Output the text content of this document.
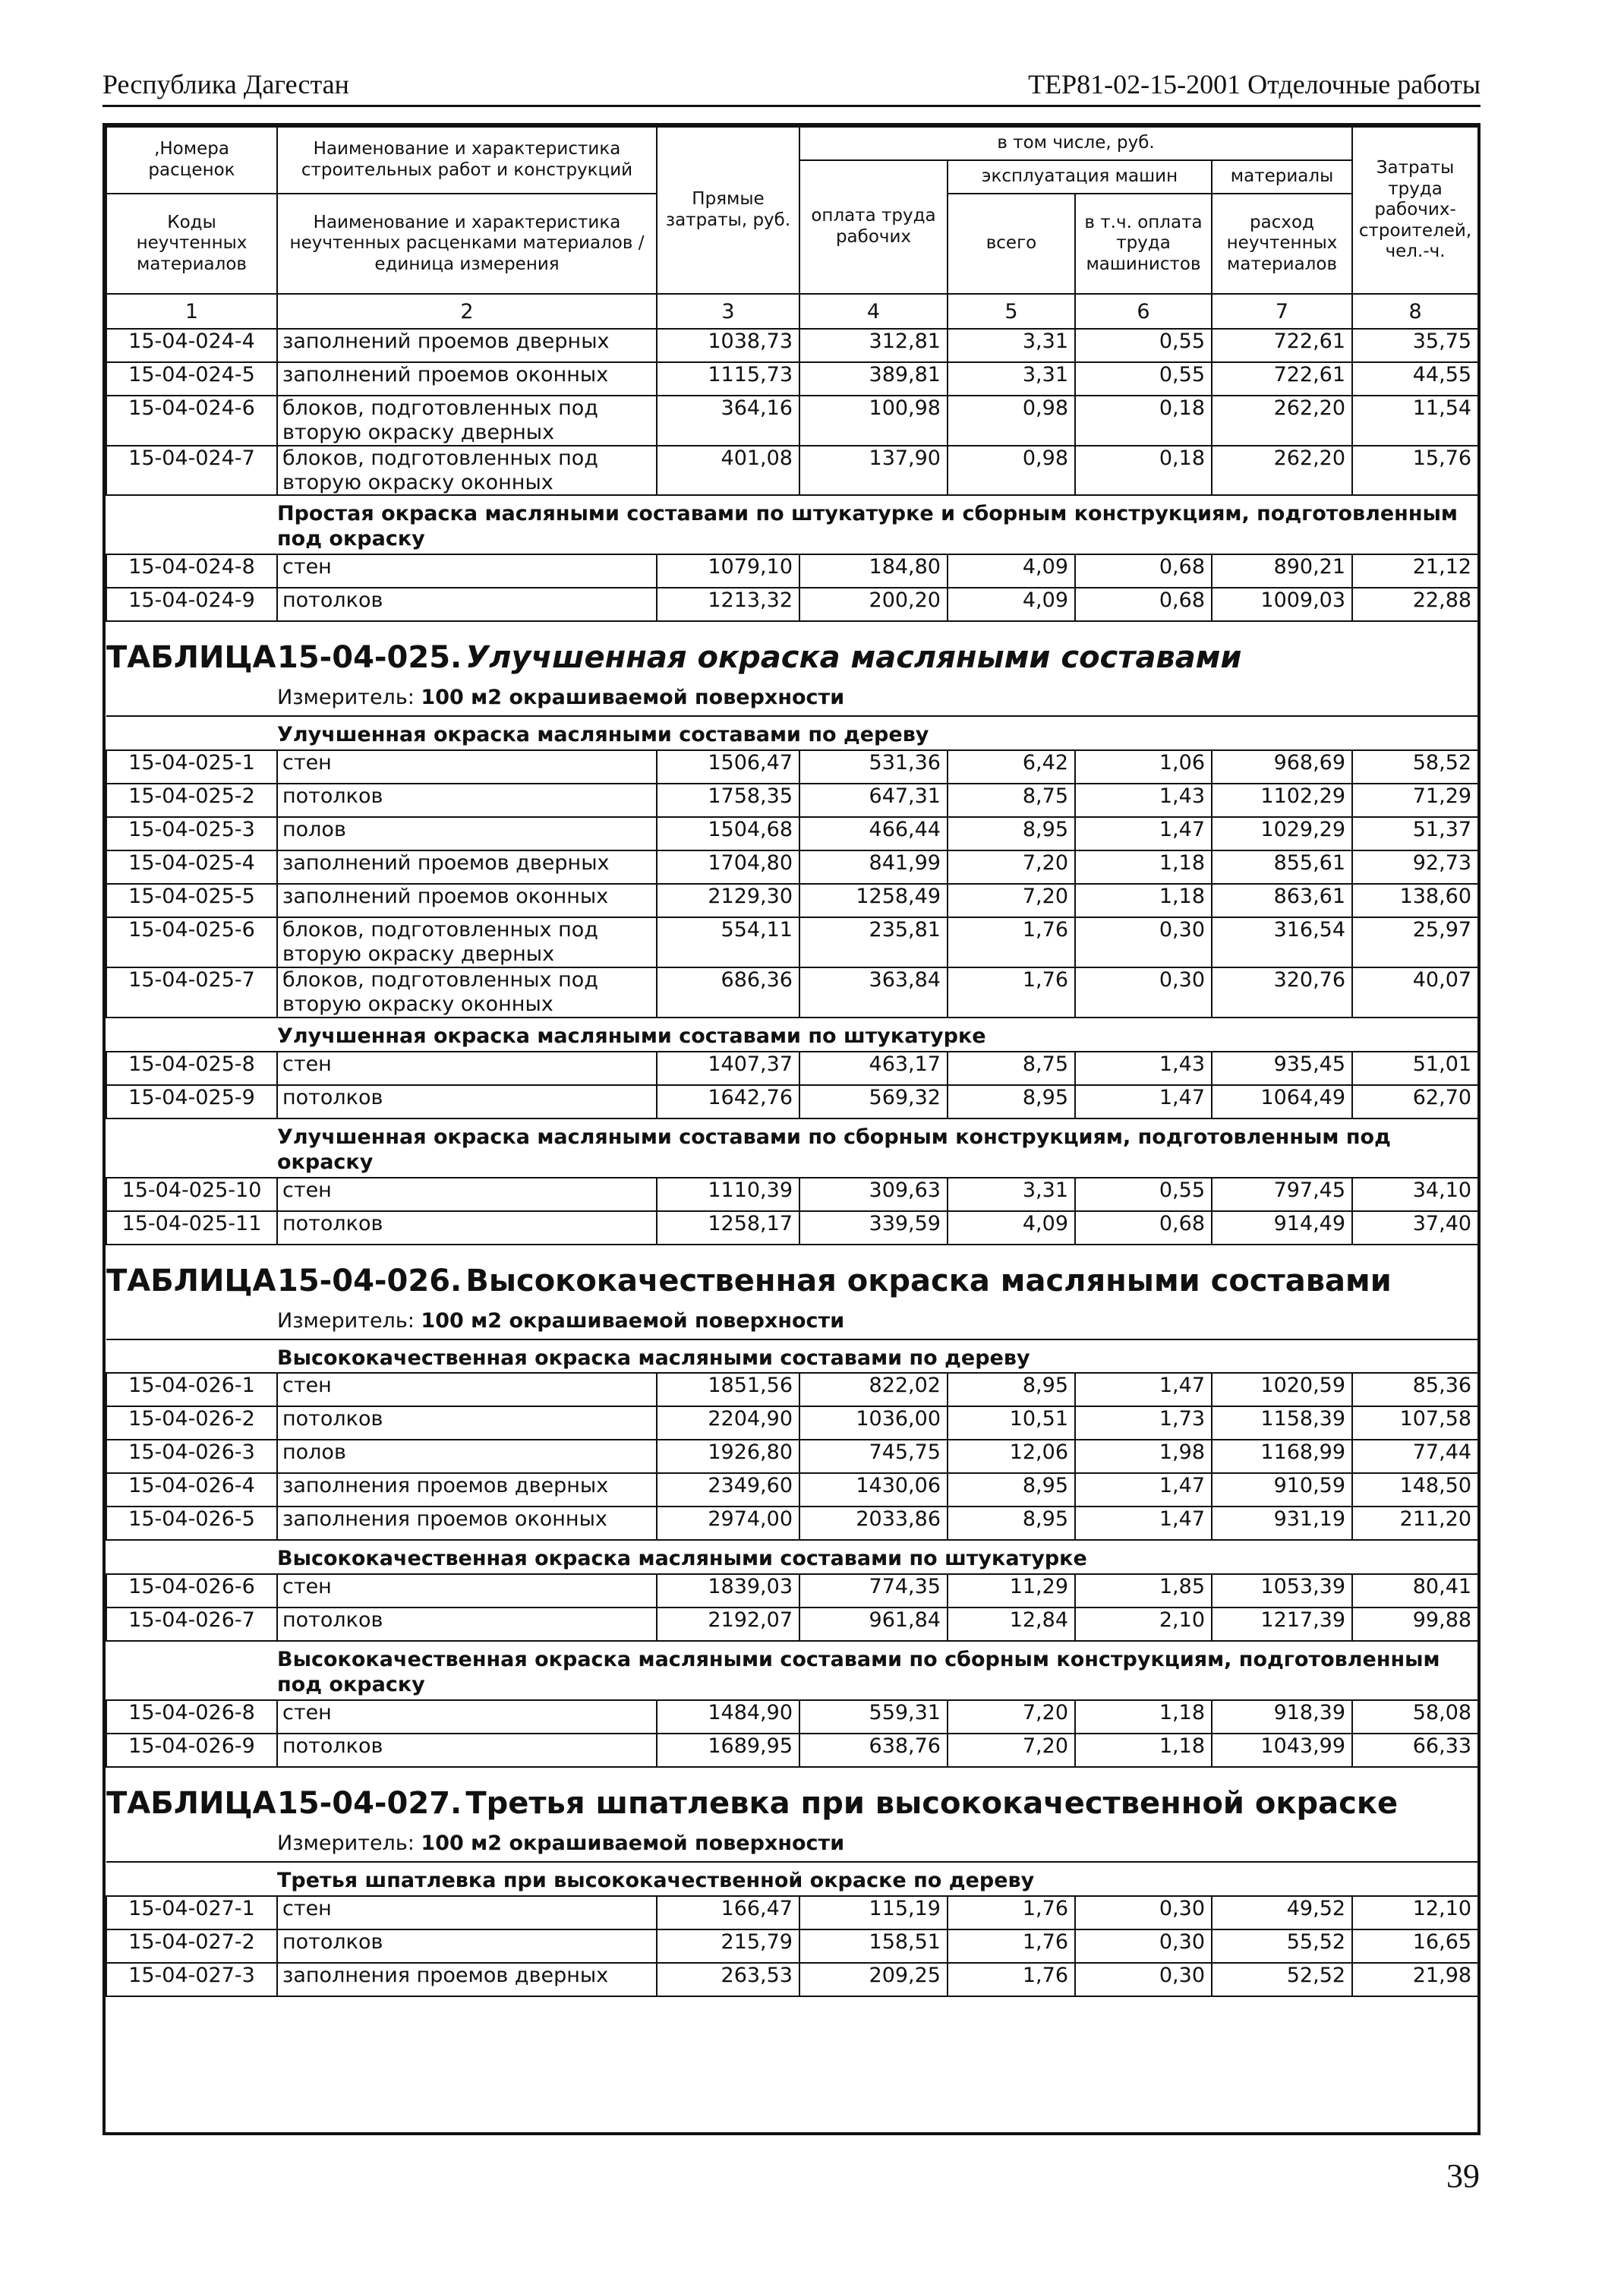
Республика Дагестан	ТЕР81-02-15-2001 Отделочные работы
,Номера расценок	Наименование и характеристика строительных работ и конструкций	Прямые затраты, руб.	в том числе, руб.				Затраты труда рабочих-строителей, чел.-ч.
			оплата труда рабочих	эксплуатация машин		материалы	
Коды неучтенных материалов	Наименование и характеристика неучтенных расценками материалов / единица измерения			всего	в т.ч. оплата труда машинистов	расход неучтенных материалов	

1	2	3	4	5	6	7	8
15-04-024-4	заполнений проемов дверных	1038,73	312,81	3,31	0,55	722,61	35,75
15-04-024-5	заполнений проемов оконных	1115,73	389,81	3,31	0,55	722,61	44,55
15-04-024-6	блоков, подготовленных под вторую окраску дверных	364,16	100,98	0,98	0,18	262,20	11,54
15-04-024-7	блоков, подготовленных под вторую окраску оконных	401,08	137,90	0,98	0,18	262,20	15,76
	Простая окраска масляными составами по штукатурке и сборным конструкциям, подготовленным под окраску						
15-04-024-8	стен	1079,10	184,80	4,09	0,68	890,21	21,12
15-04-024-9	потолков	1213,32	200,20	4,09	0,68	1009,03	22,88
ТАБЛИЦА15-04-025. Улучшенная окраска масляными составами							
	Измеритель: 100 м2 окрашиваемой поверхности						
	Улучшенная окраска масляными составами по дереву						
15-04-025-1	стен	1506,47	531,36	6,42	1,06	968,69	58,52
15-04-025-2	потолков	1758,35	647,31	8,75	1,43	1102,29	71,29
15-04-025-3	полов	1504,68	466,44	8,95	1,47	1029,29	51,37
15-04-025-4	заполнений проемов дверных	1704,80	841,99	7,20	1,18	855,61	92,73
15-04-025-5	заполнений проемов оконных	2129,30	1258,49	7,20	1,18	863,61	138,60
15-04-025-6	блоков, подготовленных под вторую окраску дверных	554,11	235,81	1,76	0,30	316,54	25,97
15-04-025-7	блоков, подготовленных под вторую окраску оконных	686,36	363,84	1,76	0,30	320,76	40,07
	Улучшенная окраска масляными составами по штукатурке						
15-04-025-8	стен	1407,37	463,17	8,75	1,43	935,45	51,01
15-04-025-9	потолков	1642,76	569,32	8,95	1,47	1064,49	62,70
	Улучшенная окраска масляными составами по сборным конструкциям, подготовленным под окраску						
15-04-025-10	стен	1110,39	309,63	3,31	0,55	797,45	34,10
15-04-025-11	потолков	1258,17	339,59	4,09	0,68	914,49	37,40
ТАБЛИЦА15-04-026. Высококачественная окраска масляными составами							
	Измеритель: 100 м2 окрашиваемой поверхности						
	Высококачественная окраска масляными составами по дереву						
15-04-026-1	стен	1851,56	822,02	8,95	1,47	1020,59	85,36
15-04-026-2	потолков	2204,90	1036,00	10,51	1,73	1158,39	107,58
15-04-026-3	полов	1926,80	745,75	12,06	1,98	1168,99	77,44
15-04-026-4	заполнения проемов дверных	2349,60	1430,06	8,95	1,47	910,59	148,50
15-04-026-5	заполнения проемов оконных	2974,00	2033,86	8,95	1,47	931,19	211,20
	Высококачественная окраска масляными составами по штукатурке						
15-04-026-6	стен	1839,03	774,35	11,29	1,85	1053,39	80,41
15-04-026-7	потолков	2192,07	961,84	12,84	2,10	1217,39	99,88
	Высококачественная окраска масляными составами по сборным конструкциям, подготовленным под окраску						
15-04-026-8	стен	1484,90	559,31	7,20	1,18	918,39	58,08
15-04-026-9	потолков	1689,95	638,76	7,20	1,18	1043,99	66,33
ТАБЛИЦА15-04-027. Третья шпатлевка при высококачественной окраске							
	Измеритель: 100 м2 окрашиваемой поверхности						
	Третья шпатлевка при высококачественной окраске по дереву						
15-04-027-1	стен	166,47	115,19	1,76	0,30	49,52	12,10
15-04-027-2	потолков	215,79	158,51	1,76	0,30	55,52	16,65
15-04-027-3	заполнения проемов дверных	263,53	209,25	1,76	0,30	52,52	21,98
39
